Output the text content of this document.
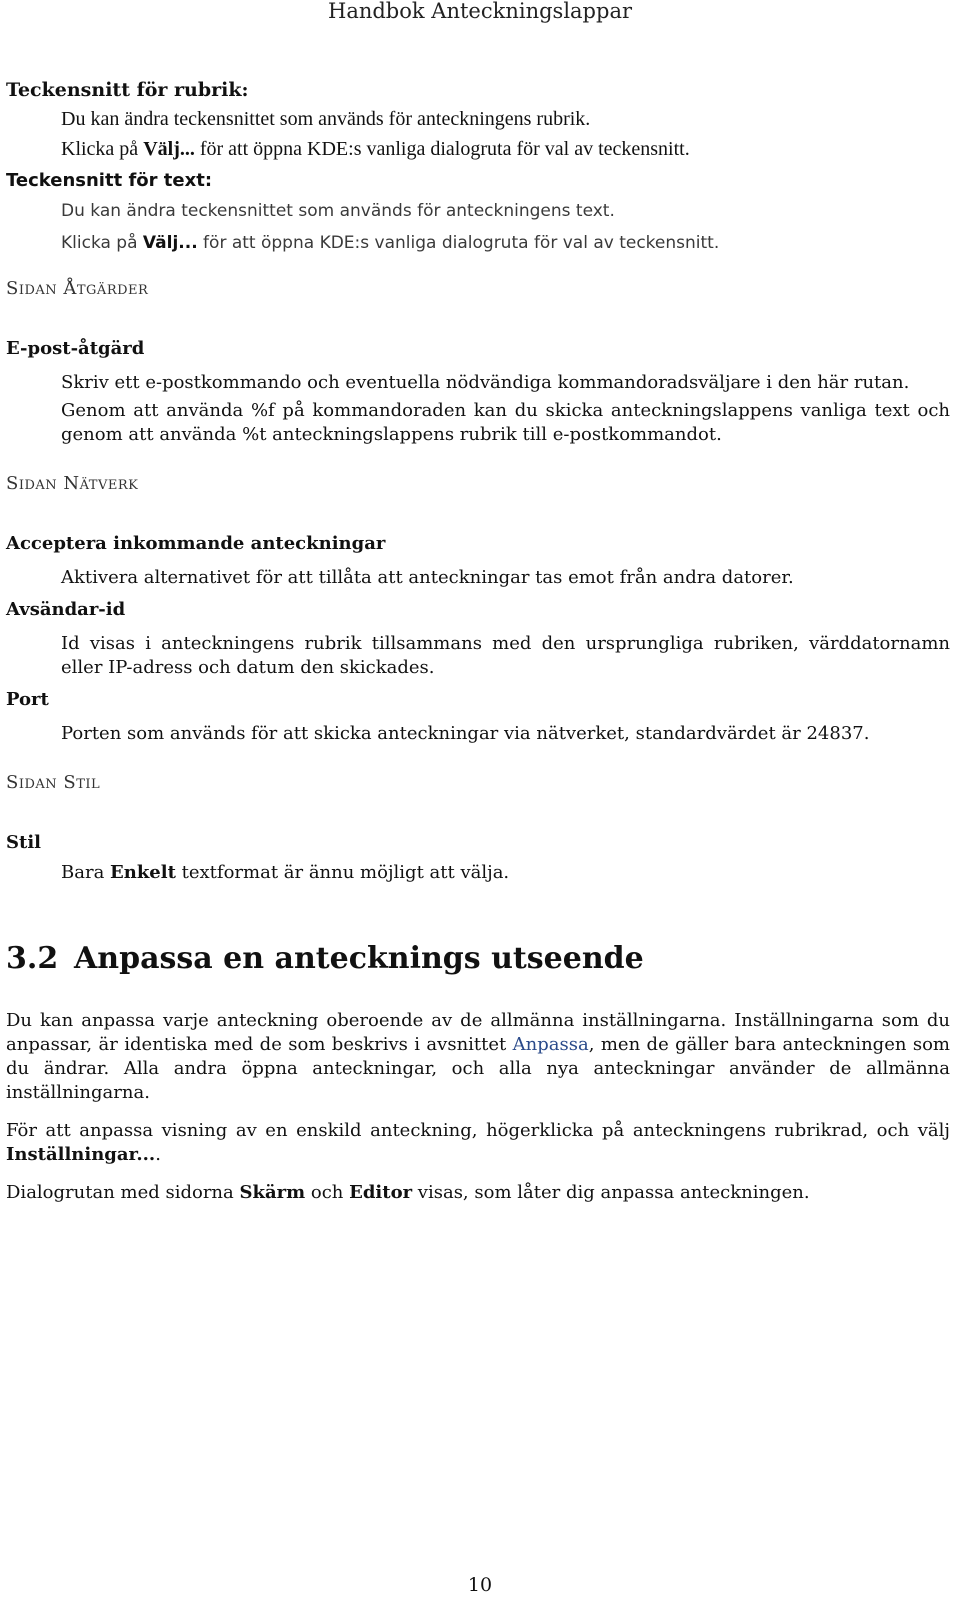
Handbok Anteckningslappar

Teckensnitt för rubrik:

Du kan ändra teckensnittet som används för anteckningens rubrik.

Klicka på Välj... för att öppna KDE:s vanliga dialogruta för val av teckensnitt.

Teckensnitt för text:

Du kan ändra teckensnittet som används för anteckningens text.

Klicka på Välj... för att öppna KDE:s vanliga dialogruta för val av teckensnitt.

Sidan Åtgärder

E-post-åtgärd

Skriv ett e-postkommando och eventuella nödvändiga kommandoradsväljare i den här rutan.

Genom att använda %f på kommandoraden kan du skicka anteckningslappens vanliga text och genom att använda %t anteckningslappens rubrik till e-postkommandot.

Sidan Nätverk

Acceptera inkommande anteckningar

Aktivera alternativet för att tillåta att anteckningar tas emot från andra datorer.

Avsändar-id

Id visas i anteckningens rubrik tillsammans med den ursprungliga rubriken, värddatornamn eller IP-adress och datum den skickades.

Port

Porten som används för att skicka anteckningar via nätverket, standardvärdet är 24837.

Sidan Stil

Stil

Bara Enkelt textformat är ännu möjligt att välja.

3.2 Anpassa en antecknings utseende

Du kan anpassa varje anteckning oberoende av de allmänna inställningarna. Inställningarna som du anpassar, är identiska med de som beskrivs i avsnittet Anpassa, men de gäller bara anteckningen som du ändrar. Alla andra öppna anteckningar, och alla nya anteckningar använder de allmänna inställningarna.

För att anpassa visning av en enskild anteckning, högerklicka på anteckningens rubrikrad, och välj Inställningar....

Dialogrutan med sidorna Skärm och Editor visas, som låter dig anpassa anteckningen.

10
